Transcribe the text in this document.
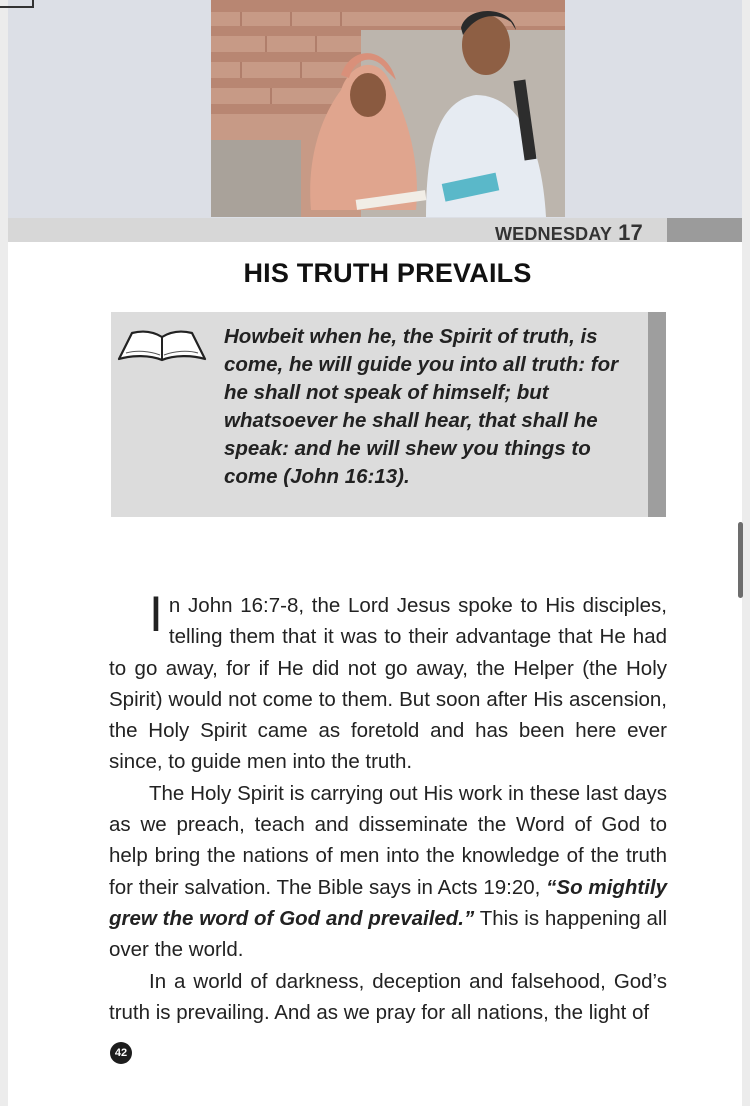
WEDNESDAY 17
HIS TRUTH PREVAILS
Howbeit when he, the Spirit of truth, is come, he will guide you into all truth: for he shall not speak of himself; but whatsoever he shall hear, that shall he speak: and he will shew you things to come (John 16:13).

In John 16:7-8, the Lord Jesus spoke to His disciples, telling them that it was to their advantage that He had to go away, for if He did not go away, the Helper (the Holy Spirit) would not come to them. But soon after His ascension, the Holy Spirit came as foretold and has been here ever since, to guide men into the truth.

The Holy Spirit is carrying out His work in these last days as we preach, teach and disseminate the Word of God to help bring the nations of men into the knowledge of the truth for their salvation. The Bible says in Acts 19:20, “So mightily grew the word of God and prevailed.” This is happening all over the world.

In a world of darkness, deception and falsehood, God’s truth is prevailing. And as we pray for all nations, the light of

42
